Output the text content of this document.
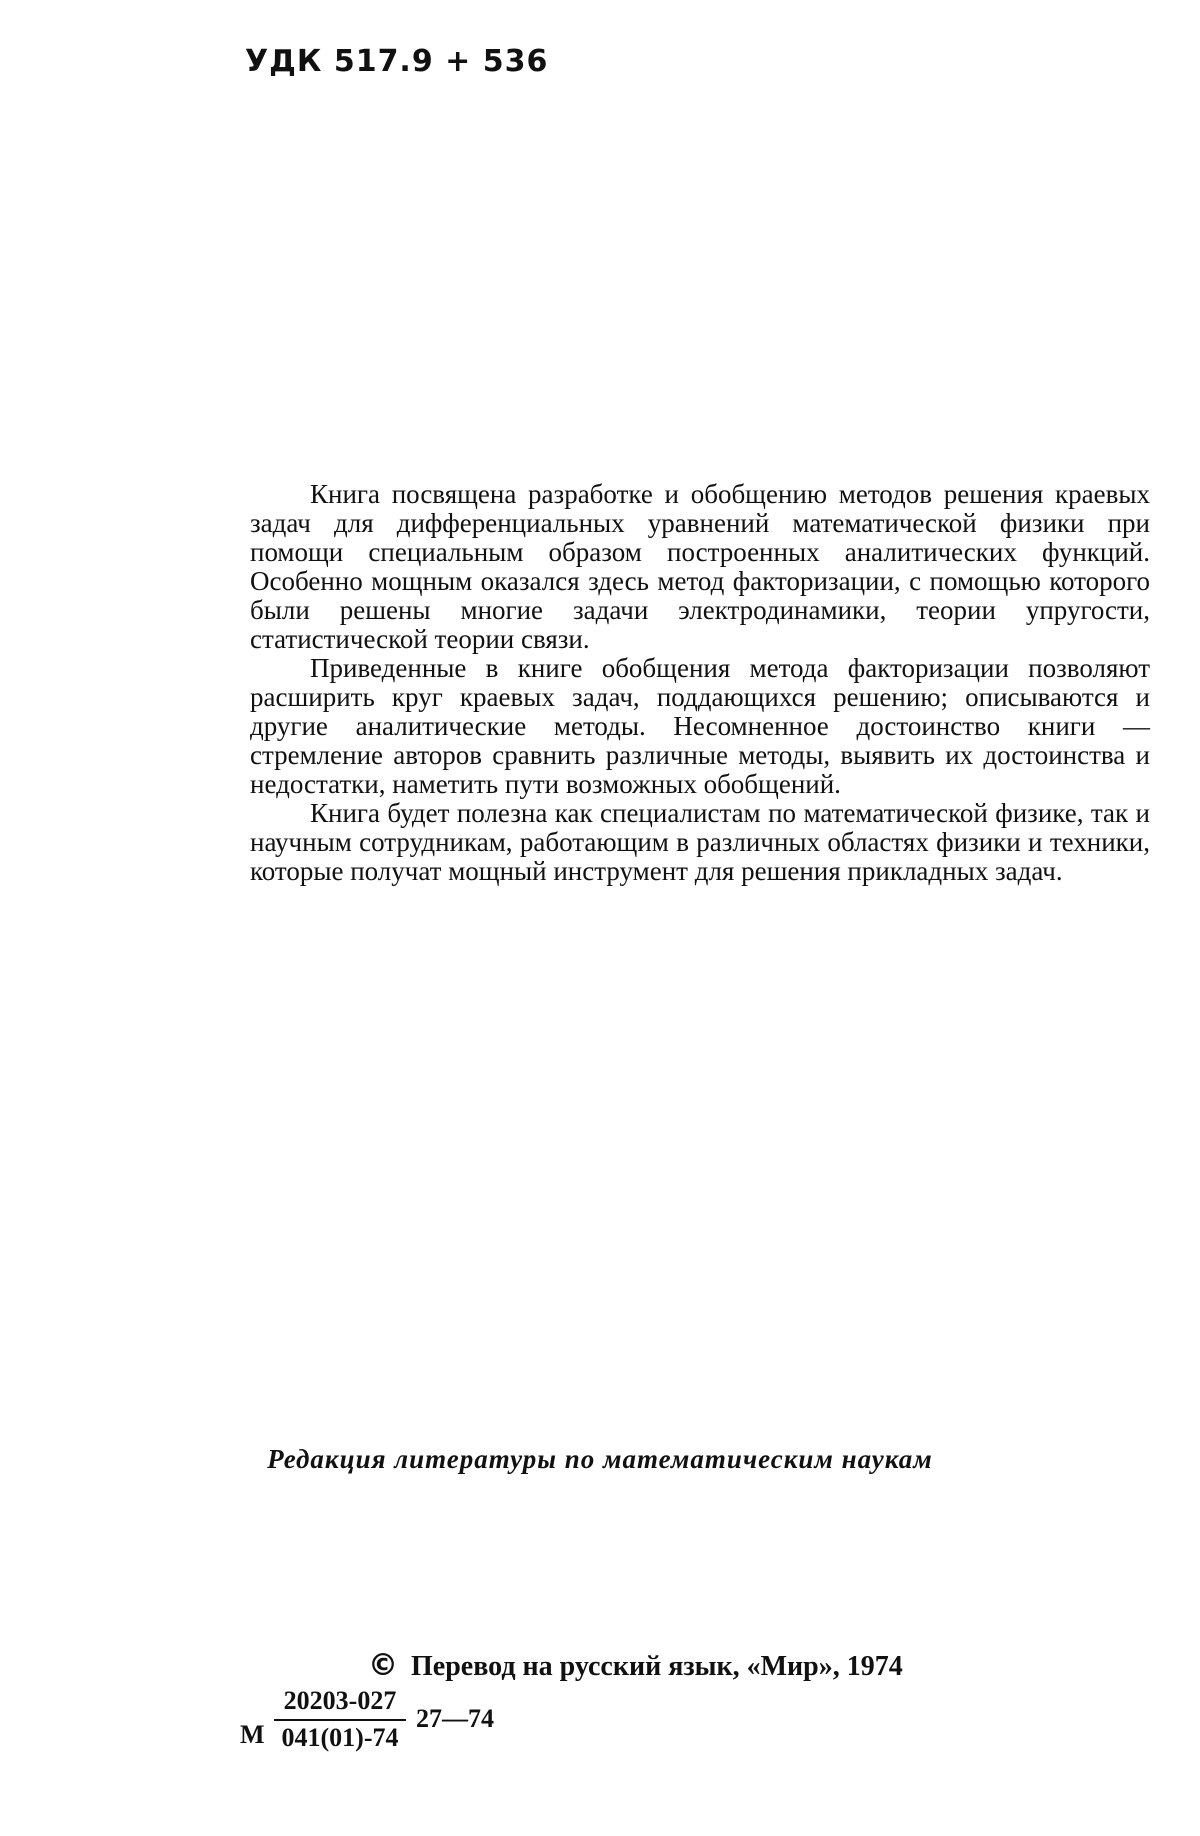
УДК 517.9 + 536

Книга посвящена разработке и обобщению методов решения краевых задач для дифференциальных уравнений математической физики при помощи специальным образом построенных аналитических функций. Особенно мощным оказался здесь метод факторизации, с помощью которого были решены многие задачи электродинамики, теории упругости, статистической теории связи.

Приведенные в книге обобщения метода факторизации позволяют расширить круг краевых задач, поддающихся решению; описываются и другие аналитические методы. Несомненное достоинство книги — стремление авторов сравнить различные методы, выявить их достоинства и недостатки, наметить пути возможных обобщений.

Книга будет полезна как специалистам по математической физике, так и научным сотрудникам, работающим в различных областях физики и техники, которые получат мощный инструмент для решения прикладных задач.

Редакция литературы по математическим наукам
© Перевод на русский язык, «Мир», 1974
М
20203-027
041(01)-74
27—74
